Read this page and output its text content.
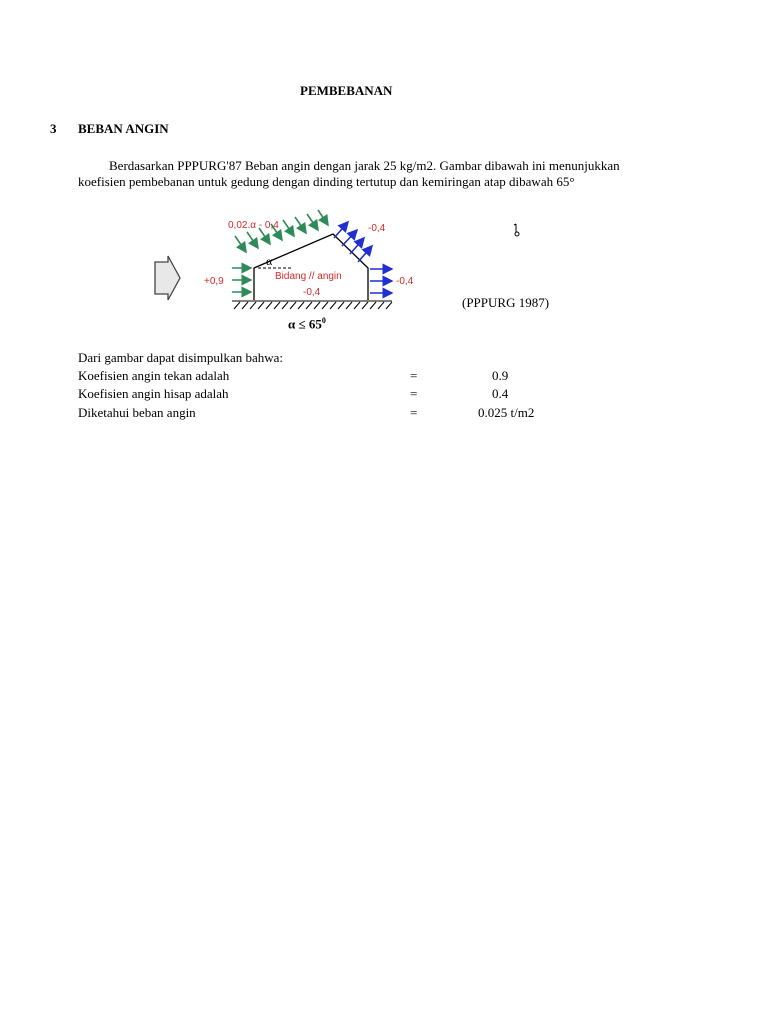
PEMBEBANAN
3 BEBAN ANGIN
Berdasarkan PPPURG'87 Beban angin dengan jarak 25 kg/m2. Gambar dibawah ini menunjukkan
koefisien pembebanan untuk gedung dengan dinding tertutup dan kemiringan atap dibawah 65°
0,02.α - 0,4	-0,4
+0,9	-0,4
Bidang // angin
-0,4
α
$\alpha \le 65^0$
(PPPURG 1987)
Dari gambar dapat disimpulkan bahwa:
Koefisien angin tekan adalah	=	0.9
Koefisien angin hisap adalah	=	0.4
Diketahui beban angin	=	0.025 t/m2
